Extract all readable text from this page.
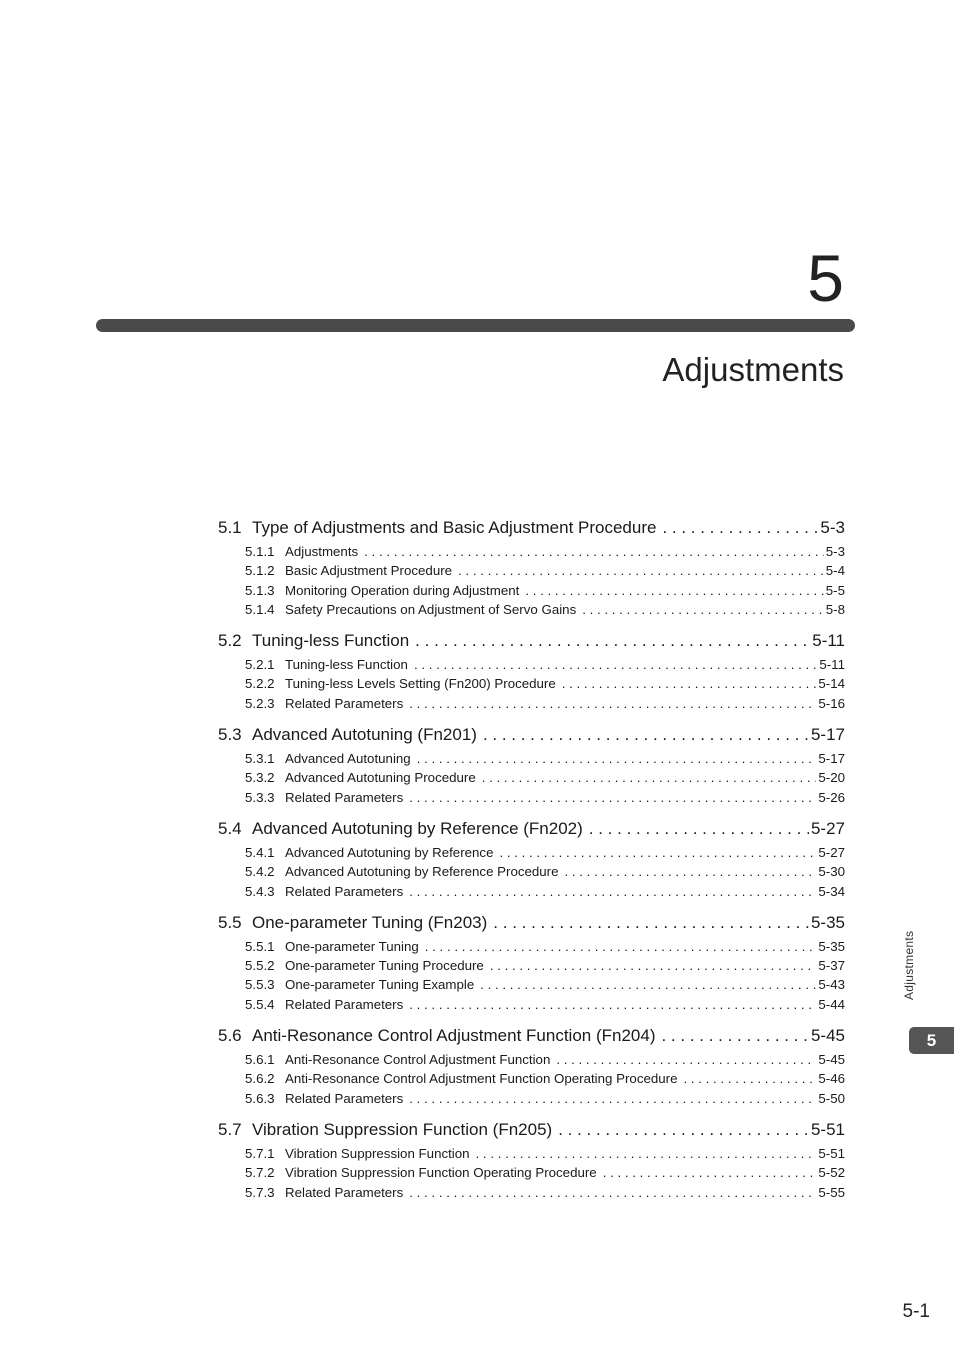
5
Adjustments
5.1 Type of Adjustments and Basic Adjustment Procedure . . .	5-3
5.1.1 Adjustments . . .	5-3
5.1.2 Basic Adjustment Procedure . . .	5-4
5.1.3 Monitoring Operation during Adjustment . . .	5-5
5.1.4 Safety Precautions on Adjustment of Servo Gains . . .	5-8
5.2 Tuning-less Function . . .	5-11
5.2.1 Tuning-less Function . . .	5-11
5.2.2 Tuning-less Levels Setting (Fn200) Procedure . . .	5-14
5.2.3 Related Parameters . . .	5-16
5.3 Advanced Autotuning (Fn201) . . .	5-17
5.3.1 Advanced Autotuning . . .	5-17
5.3.2 Advanced Autotuning Procedure . . .	5-20
5.3.3 Related Parameters . . .	5-26
5.4 Advanced Autotuning by Reference (Fn202) . . .	5-27
5.4.1 Advanced Autotuning by Reference . . .	5-27
5.4.2 Advanced Autotuning by Reference Procedure . . .	5-30
5.4.3 Related Parameters . . .	5-34
5.5 One-parameter Tuning (Fn203) . . .	5-35
5.5.1 One-parameter Tuning . . .	5-35
5.5.2 One-parameter Tuning Procedure . . .	5-37
5.5.3 One-parameter Tuning Example . . .	5-43
5.5.4 Related Parameters . . .	5-44
5.6 Anti-Resonance Control Adjustment Function (Fn204) . . .	5-45
5.6.1 Anti-Resonance Control Adjustment Function . . .	5-45
5.6.2 Anti-Resonance Control Adjustment Function Operating Procedure . . .	5-46
5.6.3 Related Parameters . . .	5-50
5.7 Vibration Suppression Function (Fn205) . . .	5-51
5.7.1 Vibration Suppression Function . . .	5-51
5.7.2 Vibration Suppression Function Operating Procedure . . .	5-52
5.7.3 Related Parameters . . .	5-55
Adjustments
5
5-1
